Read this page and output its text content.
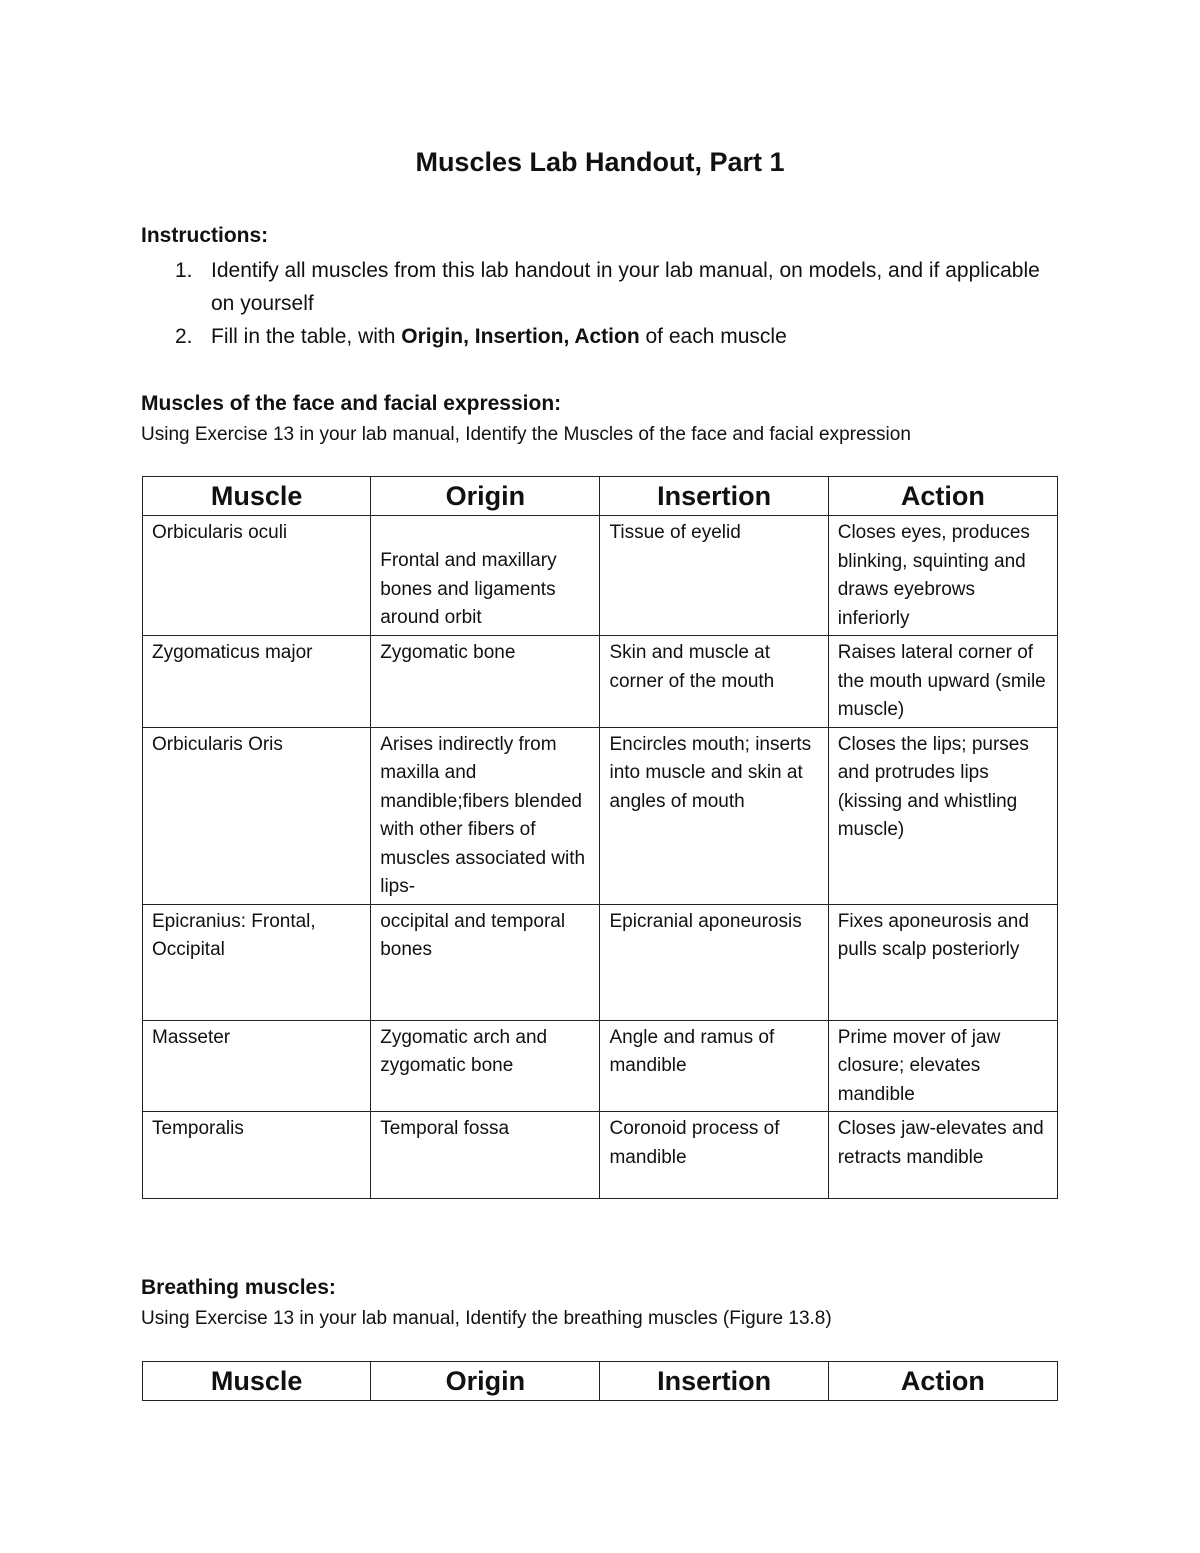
Muscles Lab Handout, Part 1
Instructions:
1. Identify all muscles from this lab handout in your lab manual, on models, and if applicable on yourself
2. Fill in the table, with Origin, Insertion, Action of each muscle
Muscles of the face and facial expression:
Using Exercise 13 in your lab manual, Identify the Muscles of the face and facial expression
Muscle	Origin	Insertion	Action
Orbicularis oculi	Frontal and maxillary bones and ligaments around orbit	Tissue of eyelid	Closes eyes, produces blinking, squinting and draws eyebrows inferiorly
Zygomaticus major	Zygomatic bone	Skin and muscle at corner of the mouth	Raises lateral corner of the mouth upward (smile muscle)
Orbicularis Oris	Arises indirectly from maxilla and mandible;fibers blended with other fibers of muscles associated with lips-	Encircles mouth; inserts into muscle and skin at angles of mouth	Closes the lips; purses and protrudes lips (kissing and whistling muscle)
Epicranius: Frontal, Occipital	occipital and temporal bones	Epicranial aponeurosis	Fixes aponeurosis and pulls scalp posteriorly
Masseter	Zygomatic arch and zygomatic bone	Angle and ramus of mandible	Prime mover of jaw closure; elevates mandible
Temporalis	Temporal fossa	Coronoid process of mandible	Closes jaw-elevates and retracts mandible
Breathing muscles:
Using Exercise 13 in your lab manual, Identify the breathing muscles (Figure 13.8)
Muscle	Origin	Insertion	Action
